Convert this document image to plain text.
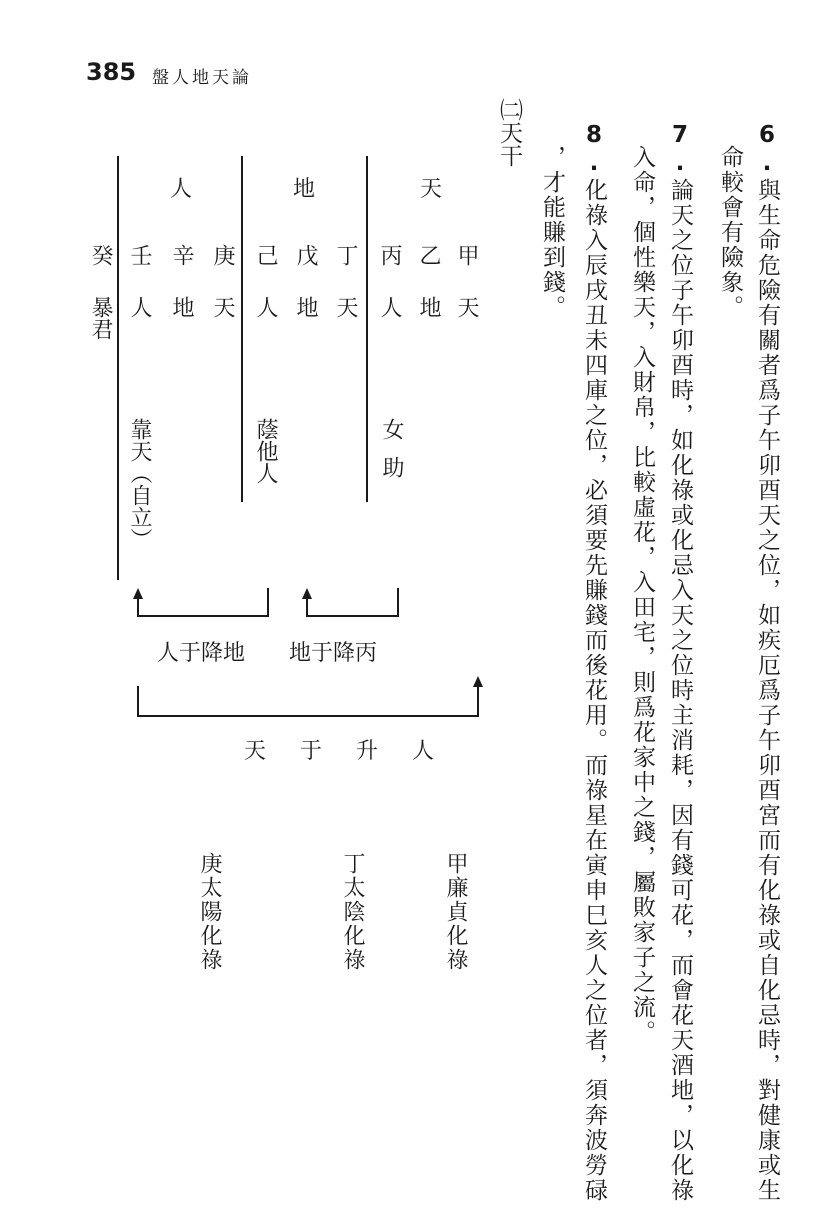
385 盤人地天論
6.與生命危險有關者爲子午卯酉天之位，如疾厄爲子午卯酉宮而有化祿或自化忌時，對健康或生
命較會有險象。
7.論天之位子午卯酉時，如化祿或化忌入天之位時主消耗，因有錢可花，而會花天酒地，以化祿
入命，個性樂天，入財帛，比較虛花，入田宅，則爲花家中之錢，屬敗家子之流。
8.化祿入辰戌丑未四庫之位，必須要先賺錢而後花用。而祿星在寅申巳亥人之位者，須奔波勞碌
，才能賺到錢。
㈡天干
天
甲天
乙地
丙人
女助
地
丁天
戊地
己人
蔭他人
人
庚天
辛地
壬人
靠天（自立）
癸暴君
人于降地 地于降丙
天　于　升　人
甲廉貞化祿
丁太陰化祿
庚太陽化祿
